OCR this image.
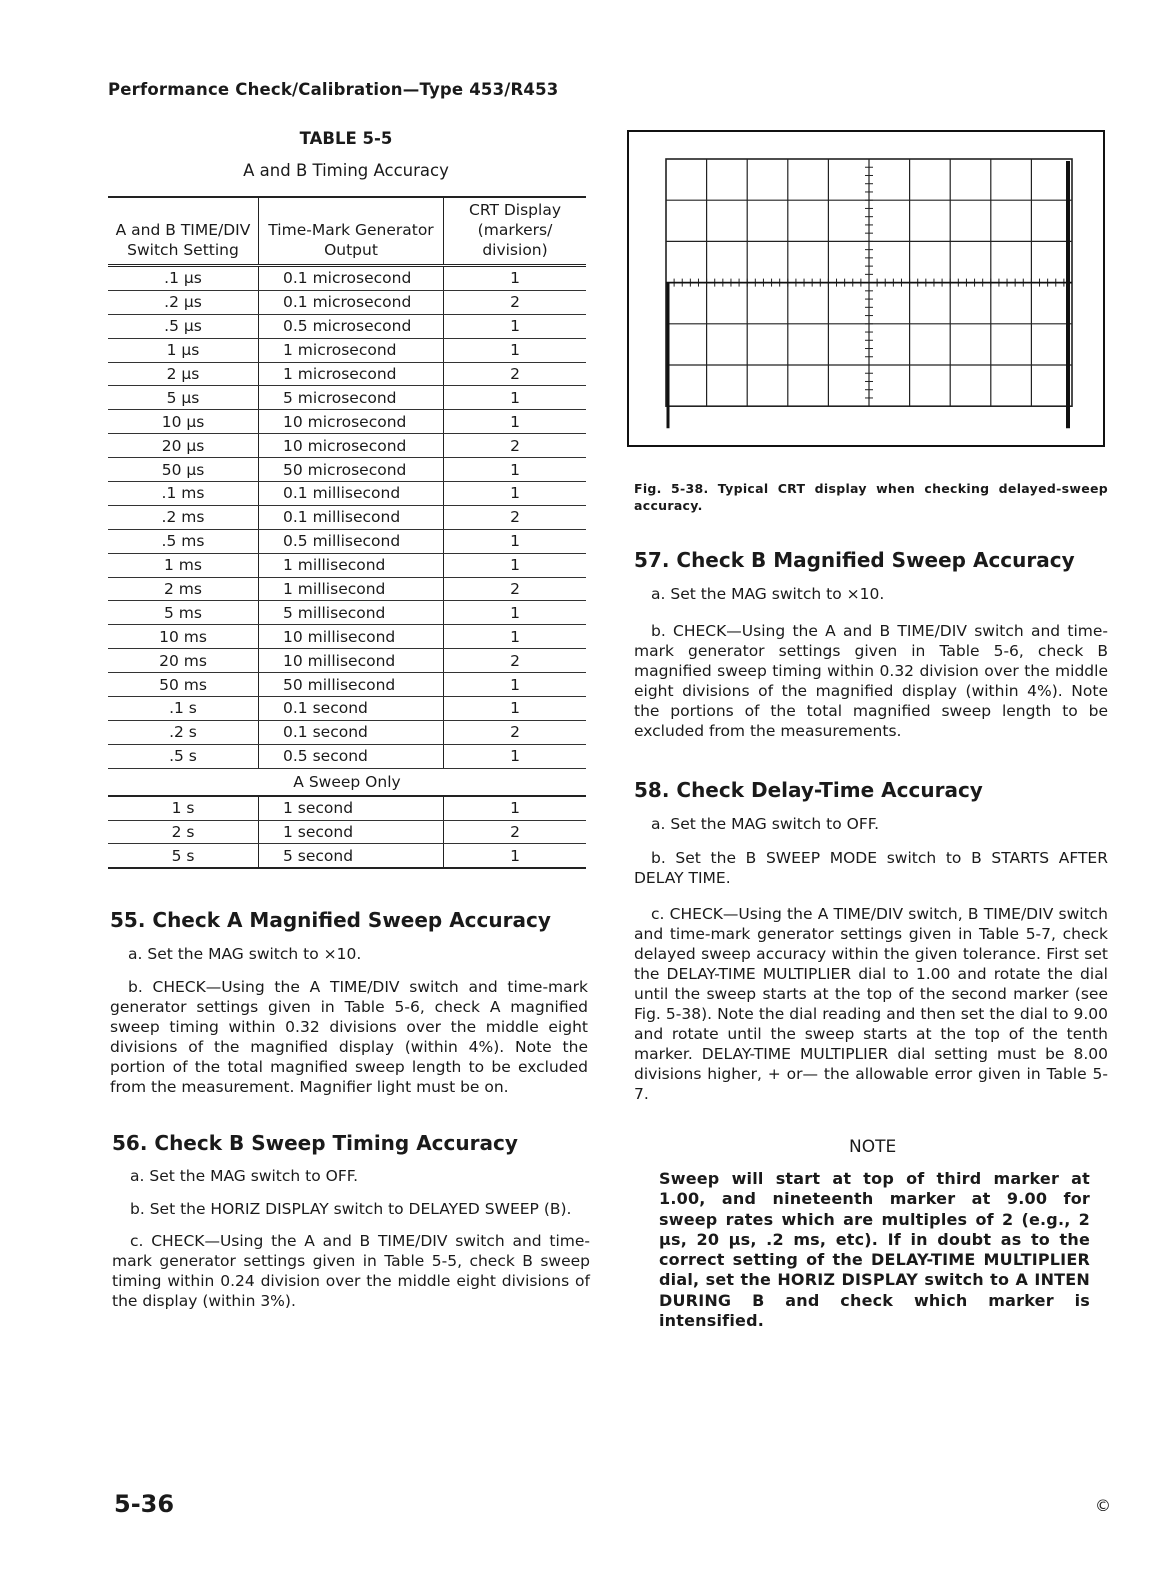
Performance Check/Calibration—Type 453/R453
TABLE 5-5
A and B Timing Accuracy
A and B TIME/DIV Switch Setting	Time-Mark Generator Output	CRT Display (markers/ division)
.1 μs	0.1 microsecond	1
.2 μs	0.1 microsecond	2
.5 μs	0.5 microsecond	1
1 μs	1 microsecond	1
2 μs	1 microsecond	2
5 μs	5 microsecond	1
10 μs	10 microsecond	1
20 μs	10 microsecond	2
50 μs	50 microsecond	1
.1 ms	0.1 millisecond	1
.2 ms	0.1 millisecond	2
.5 ms	0.5 millisecond	1
1 ms	1 millisecond	1
2 ms	1 millisecond	2
5 ms	5 millisecond	1
10 ms	10 millisecond	1
20 ms	10 millisecond	2
50 ms	50 millisecond	1
.1 s	0.1 second	1
.2 s	0.1 second	2
.5 s	0.5 second	1
A Sweep Only		
1 s	1 second	1
2 s	1 second	2
5 s	5 second	1
Fig. 5-38. Typical CRT display when checking delayed-sweep accuracy.
55. Check A Magnified Sweep Accuracy

a. Set the MAG switch to ×10.

b. CHECK—Using the A TIME/DIV switch and time-mark generator settings given in Table 5-6, check A magnified sweep timing within 0.32 divisions over the middle eight divisions of the magnified display (within 4%). Note the portion of the total magnified sweep length to be excluded from the measurement. Magnifier light must be on.

56. Check B Sweep Timing Accuracy

a. Set the MAG switch to OFF.

b. Set the HORIZ DISPLAY switch to DELAYED SWEEP (B).

c. CHECK—Using the A and B TIME/DIV switch and time-mark generator settings given in Table 5-5, check B sweep timing within 0.24 division over the middle eight divisions of the display (within 3%).

57. Check B Magnified Sweep Accuracy

a. Set the MAG switch to ×10.

b. CHECK—Using the A and B TIME/DIV switch and time-mark generator settings given in Table 5-6, check B magnified sweep timing within 0.32 division over the middle eight divisions of the magnified display (within 4%). Note the portions of the total magnified sweep length to be excluded from the measurements.

58. Check Delay-Time Accuracy

a. Set the MAG switch to OFF.

b. Set the B SWEEP MODE switch to B STARTS AFTER DELAY TIME.

c. CHECK—Using the A TIME/DIV switch, B TIME/DIV switch and time-mark generator settings given in Table 5-7, check delayed sweep accuracy within the given tolerance. First set the DELAY-TIME MULTIPLIER dial to 1.00 and rotate the dial until the sweep starts at the top of the second marker (see Fig. 5-38). Note the dial reading and then set the dial to 9.00 and rotate until the sweep starts at the top of the tenth marker. DELAY-TIME MULTIPLIER dial setting must be 8.00 divisions higher, + or— the allowable error given in Table 5-7.

NOTE
Sweep will start at top of third marker at 1.00, and nineteenth marker at 9.00 for sweep rates which are multiples of 2 (e.g., 2 μs, 20 μs, .2 ms, etc). If in doubt as to the correct setting of the DELAY-TIME MULTIPLIER dial, set the HORIZ DISPLAY switch to A INTEN DURING B and check which marker is intensified.
5-36	©
